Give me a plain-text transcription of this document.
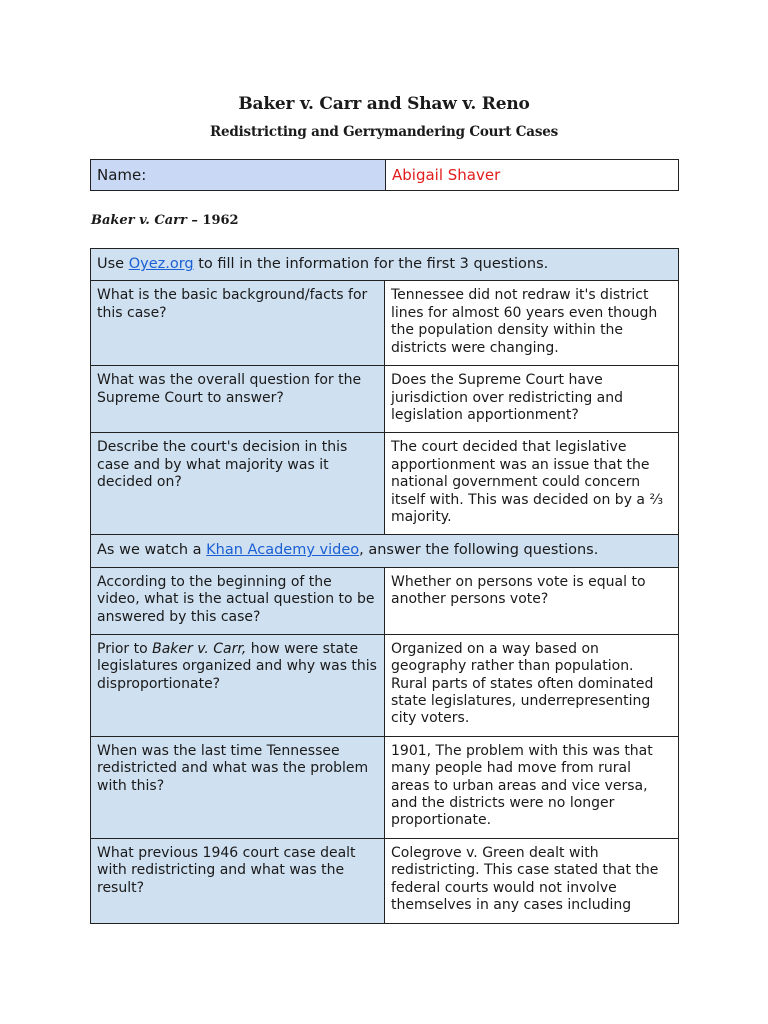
Baker v. Carr and Shaw v. Reno
Redistricting and Gerrymandering Court Cases
Name:	Abigail Shaver
Baker v. Carr – 1962
Use Oyez.org to fill in the information for the first 3 questions.	
What is the basic background/facts for this case?	Tennessee did not redraw it's district lines for almost 60 years even though the population density within the districts were changing.
What was the overall question for the Supreme Court to answer?	Does the Supreme Court have jurisdiction over redistricting and legislation apportionment?
Describe the court's decision in this case and by what majority was it decided on?	The court decided that legislative apportionment was an issue that the national government could concern itself with. This was decided on by a ⅔ majority.
As we watch a Khan Academy video, answer the following questions.	
According to the beginning of the video, what is the actual question to be answered by this case?	Whether on persons vote is equal to another persons vote?
Prior to Baker v. Carr, how were state legislatures organized and why was this disproportionate?	Organized on a way based on geography rather than population. Rural parts of states often dominated state legislatures, underrepresenting city voters.
When was the last time Tennessee redistricted and what was the problem with this?	1901, The problem with this was that many people had move from rural areas to urban areas and vice versa, and the districts were no longer proportionate.
What previous 1946 court case dealt with redistricting and what was the result?	Colegrove v. Green dealt with redistricting. This case stated that the federal courts would not involve themselves in any cases including
